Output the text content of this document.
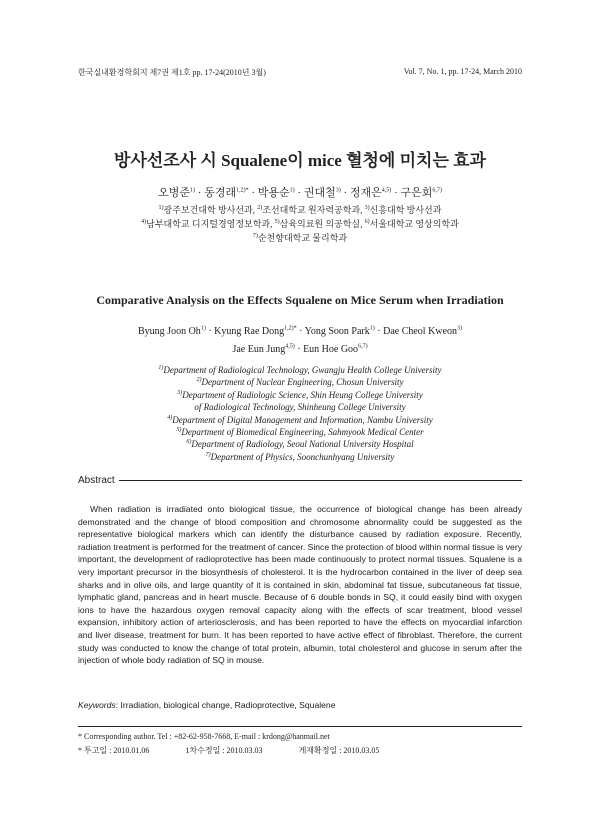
한국실내환경학회지 제7권 제1호 pp. 17-24(2010년 3월)	Vol. 7, No. 1, pp. 17-24, March 2010
방사선조사 시 Squalene이 mice 혈청에 미치는 효과
오병준$^{1)}$ · 동경래$^{1,2)*}$ · 박용순$^{1)}$ · 권대철$^{3)}$ · 정재은$^{4,5)}$ · 구은회$^{6,7)}$
$^{1)}$광주보건대학 방사선과, $^{2)}$조선대학교 원자력공학과, $^{3)}$신흥대학 방사선과
$^{4)}$남부대학교 디지털경영정보학과, $^{5)}$삼육의료원 의공학실, $^{6)}$서울대학교 영상의학과
$^{7)}$순천향대학교 물리학과
Comparative Analysis on the Effects Squalene on Mice Serum when Irradiation
Byung Joon $Oh^{1)}$ · Kyung Rae Dong$^{1,2)*}$ · Yong Soon Park$^{1)}$ · Dae Cheol Kweon$^{3)}$
Jae Eun Jung$^{4,5)}$ · Eun Hoe Goo$^{6,7)}$
$^{1)}$Department of Radiological Technology, Gwangju Health College University
$^{2)}$Department of Nuclear Engineering, Chosun University
$^{3)}$Department of Radiologic Science, Shin Heung College University
of Radiological Technology, Shinheung College University
$^{4)}$Department of Digital Management and Information, Nambu University
$^{5)}$Department of Biomedical Engineering, Sahmyook Medical Center
$^{6)}$Department of Radiology, Seoul National University Hospital
$^{7)}$Department of Physics, Soonchunhyang University
Abstract
When radiation is irradiated onto biological tissue, the occurrence of biological change has been already demonstrated and the change of blood composition and chromosome abnormality could be suggested as the representative biological markers which can identify the disturbance caused by radiation exposure. Recently, radiation treatment is performed for the treatment of cancer. Since the protection of blood within normal tissue is very important, the development of radioprotective has been made continuously to protect normal tissues. Squalene is a very important precursor in the biosynthesis of cholesterol. It is the hydrocarbon contained in the liver of deep sea sharks and in olive oils, and large quantity of it is contained in skin, abdominal fat tissue, subcutaneous fat tissue, lymphatic gland, pancreas and in heart muscle. Because of 6 double bonds in SQ, it could easily bind with oxygen ions to have the hazardous oxygen removal capacity along with the effects of scar treatment, blood vessel expansion, inhibitory action of arteriosclerosis, and has been reported to have the effects on myocardial infarction and liver disease, treatment for burn. It has been reported to have active effect of fibroblast. Therefore, the current study was conducted to know the change of total protein, albumin, total cholesterol and glucose in serum after the injection of whole body radiation of SQ in mouse.
Keywords: Irradiation, biological change, Radioprotective, Squalene
* Corresponding author. Tel : +82-62-958-7668, E-mail : krdong@hanmail.net
* 투고일 : 2010.01.06	1차수정일 : 2010.03.03	게재확정일 : 2010.03.05
